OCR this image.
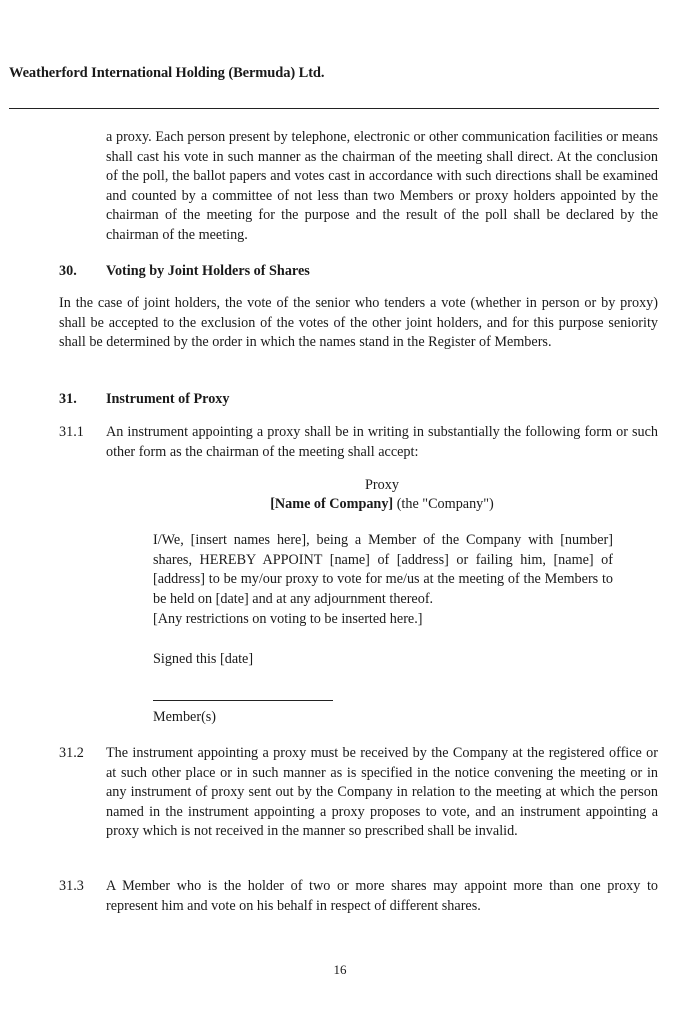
Weatherford International Holding (Bermuda) Ltd.
a proxy. Each person present by telephone, electronic or other communication facilities or means shall cast his vote in such manner as the chairman of the meeting shall direct. At the conclusion of the poll, the ballot papers and votes cast in accordance with such directions shall be examined and counted by a committee of not less than two Members or proxy holders appointed by the chairman of the meeting for the purpose and the result of the poll shall be declared by the chairman of the meeting.
30. Voting by Joint Holders of Shares
In the case of joint holders, the vote of the senior who tenders a vote (whether in person or by proxy) shall be accepted to the exclusion of the votes of the other joint holders, and for this purpose seniority shall be determined by the order in which the names stand in the Register of Members.
31. Instrument of Proxy
31.1 An instrument appointing a proxy shall be in writing in substantially the following form or such other form as the chairman of the meeting shall accept:
Proxy
[Name of Company] (the "Company")
I/We, [insert names here], being a Member of the Company with [number] shares, HEREBY APPOINT [name] of [address] or failing him, [name] of [address] to be my/our proxy to vote for me/us at the meeting of the Members to be held on [date] and at any adjournment thereof.
[Any restrictions on voting to be inserted here.]
Signed this [date]
Member(s)
31.2 The instrument appointing a proxy must be received by the Company at the registered office or at such other place or in such manner as is specified in the notice convening the meeting or in any instrument of proxy sent out by the Company in relation to the meeting at which the person named in the instrument appointing a proxy proposes to vote, and an instrument appointing a proxy which is not received in the manner so prescribed shall be invalid.
31.3 A Member who is the holder of two or more shares may appoint more than one proxy to represent him and vote on his behalf in respect of different shares.
16
